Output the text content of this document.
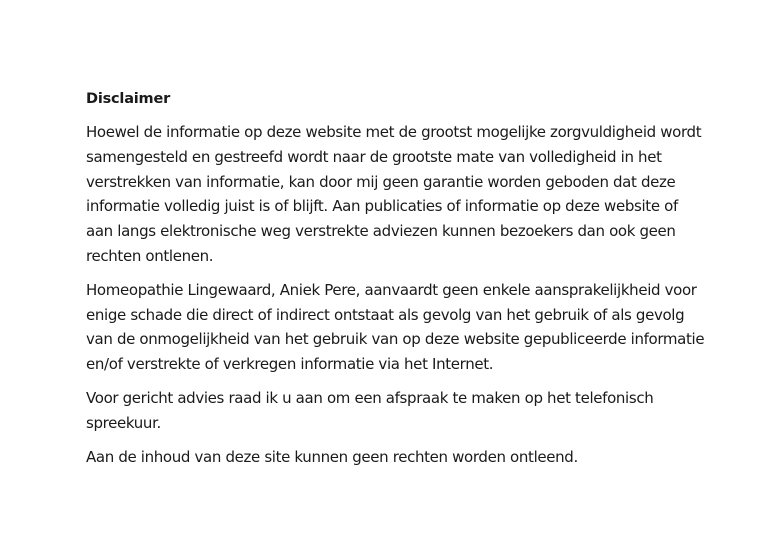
Disclaimer

Hoewel de informatie op deze website met de grootst mogelijke zorgvuldigheid wordt samengesteld en gestreefd wordt naar de grootste mate van volledigheid in het verstrekken van informatie, kan door mij geen garantie worden geboden dat deze informatie volledig juist is of blijft. Aan publicaties of informatie op deze website of aan langs elektronische weg verstrekte adviezen kunnen bezoekers dan ook geen rechten ontlenen.

Homeopathie Lingewaard, Aniek Pere, aanvaardt geen enkele aansprakelijkheid voor enige schade die direct of indirect ontstaat als gevolg van het gebruik of als gevolg van de onmogelijkheid van het gebruik van op deze website gepubliceerde informatie en/of verstrekte of verkregen informatie via het Internet.

Voor gericht advies raad ik u aan om een afspraak te maken op het telefonisch spreekuur.

Aan de inhoud van deze site kunnen geen rechten worden ontleend.
